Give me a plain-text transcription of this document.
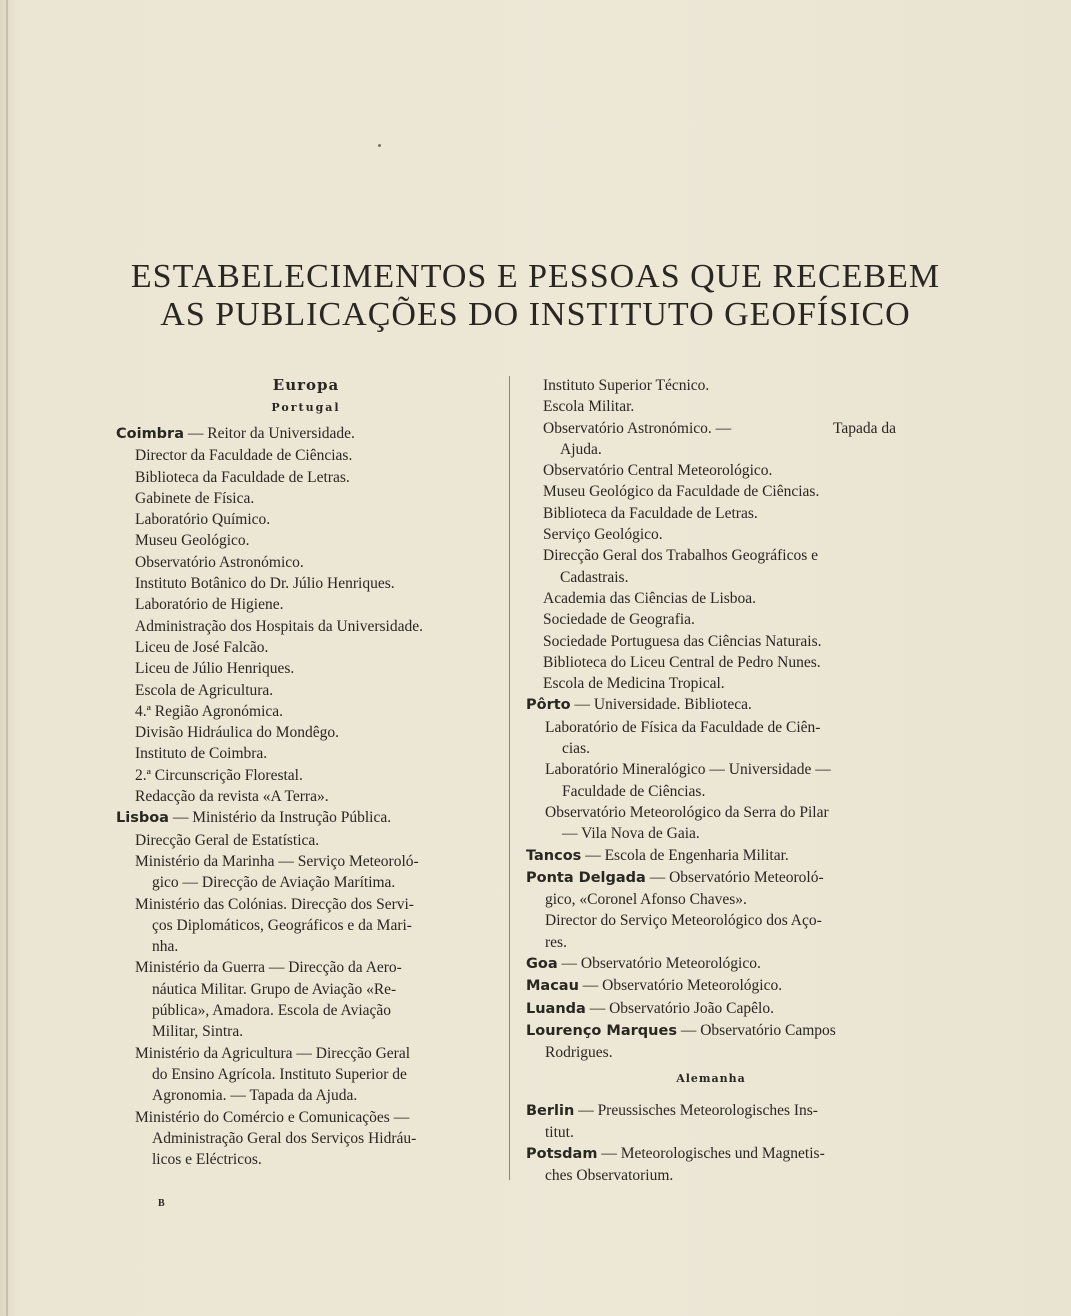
ESTABELECIMENTOS E PESSOAS QUE RECEBEM
AS PUBLICAÇÕES DO INSTITUTO GEOFÍSICO
Europa
Portugal
Coimbra — Reitor da Universidade.
Director da Faculdade de Ciências.
Biblioteca da Faculdade de Letras.
Gabinete de Física.
Laboratório Químico.
Museu Geológico.
Observatório Astronómico.
Instituto Botânico do Dr. Júlio Henriques.
Laboratório de Higiene.
Administração dos Hospitais da Universidade.
Liceu de José Falcão.
Liceu de Júlio Henriques.
Escola de Agricultura.
4.ª Região Agronómica.
Divisão Hidráulica do Mondêgo.
Instituto de Coimbra.
2.ª Circunscrição Florestal.
Redacção da revista «A Terra».
Lisboa — Ministério da Instrução Pública.
Direcção Geral de Estatística.
Ministério da Marinha — Serviço Meteoroló-
gico — Direcção de Aviação Marítima.
Ministério das Colónias. Direcção dos Servi-
ços Diplomáticos, Geográficos e da Mari-
nha.
Ministério da Guerra — Direcção da Aero-
náutica Militar. Grupo de Aviação «Re-
pública», Amadora. Escola de Aviação
Militar, Sintra.
Ministério da Agricultura — Direcção Geral
do Ensino Agrícola. Instituto Superior de
Agronomia. — Tapada da Ajuda.
Ministério do Comércio e Comunicações —
Administração Geral dos Serviços Hidráu-
licos e Eléctricos.
Instituto Superior Técnico.
Escola Militar.
Observatório Astronómico. —	Tapada da
Ajuda.
Observatório Central Meteorológico.
Museu Geológico da Faculdade de Ciências.
Biblioteca da Faculdade de Letras.
Serviço Geológico.
Direcção Geral dos Trabalhos Geográficos e
Cadastrais.
Academia das Ciências de Lisboa.
Sociedade de Geografia.
Sociedade Portuguesa das Ciências Naturais.
Biblioteca do Liceu Central de Pedro Nunes.
Escola de Medicina Tropical.
Pôrto — Universidade. Biblioteca.
Laboratório de Física da Faculdade de Ciên-
cias.
Laboratório Mineralógico — Universidade —
Faculdade de Ciências.
Observatório Meteorológico da Serra do Pilar
— Vila Nova de Gaia.
Tancos — Escola de Engenharia Militar.
Ponta Delgada — Observatório Meteoroló-
gico, «Coronel Afonso Chaves».
Director do Serviço Meteorológico dos Aço-
res.
Goa — Observatório Meteorológico.
Macau — Observatório Meteorológico.
Luanda — Observatório João Capêlo.
Lourenço Marques — Observatório Campos
Rodrigues.
Alemanha
Berlin — Preussisches Meteorologisches Ins-
titut.
Potsdam — Meteorologisches und Magnetis-
ches Observatorium.
B
